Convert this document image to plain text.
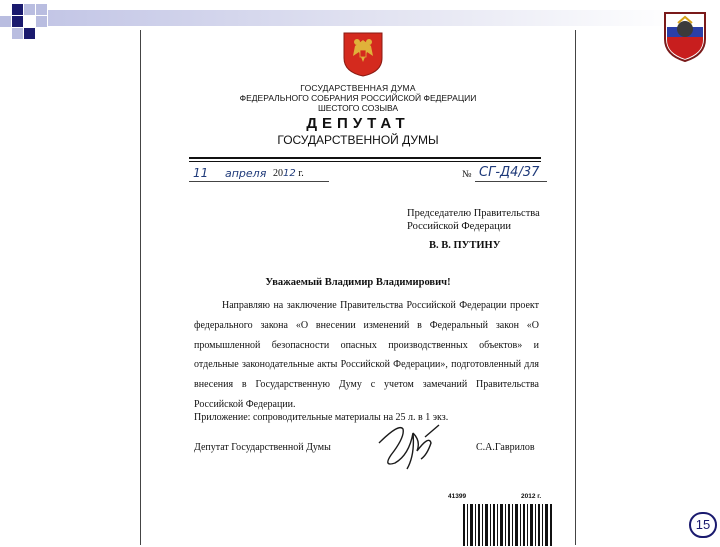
ГОСУДАРСТВЕННАЯ ДУМА
ФЕДЕРАЛЬНОГО СОБРАНИЯ РОССИЙСКОЙ ФЕДЕРАЦИИ
ШЕСТОГО СОЗЫВА
ДЕПУТАТ
ГОСУДАРСТВЕННОЙ ДУМЫ
11 апреля 2012 г.	№ СГ-Д4/37
Председателю Правительства
Российской Федерации
В. В. ПУТИНУ
Уважаемый Владимир Владимирович!
Направляю на заключение Правительства Российской Федерации проект федерального закона «О внесении изменений в Федеральный закон «О промышленной безопасности опасных производственных объектов» и отдельные законодательные акты Российской Федерации», подготовленный для внесения в Государственную Думу с учетом замечаний Правительства Российской Федерации.
Приложение: сопроводительные материалы на 25 л. в 1 экз.
Депутат Государственной Думы	С.А.Гаврилов
41399	2012 г.
15
